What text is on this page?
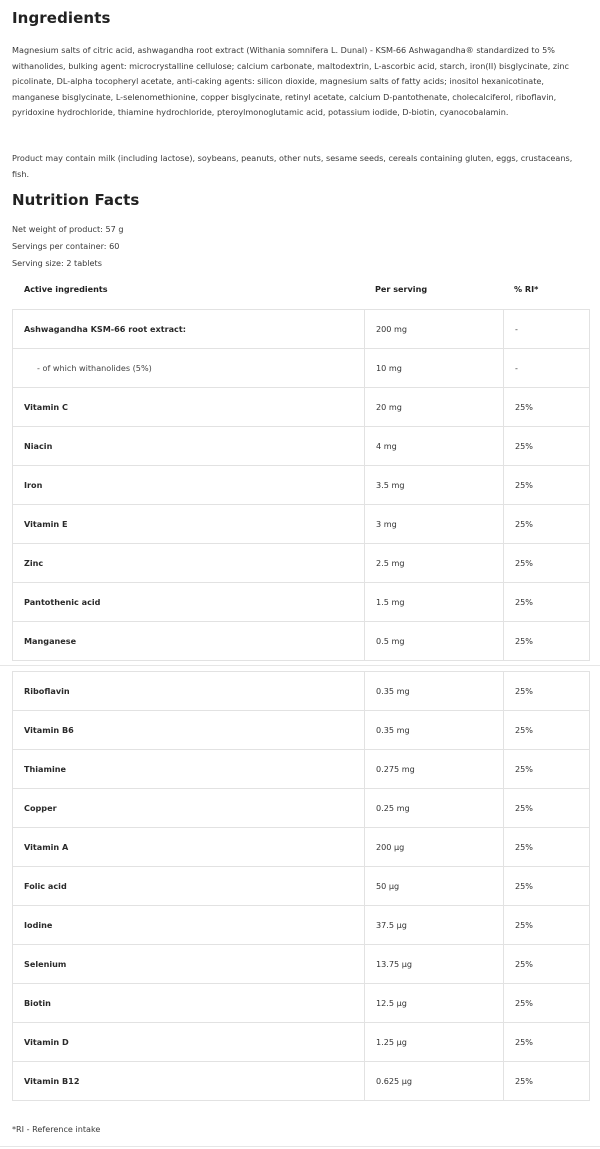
Ingredients
Magnesium salts of citric acid, ashwagandha root extract (Withania somnifera L. Dunal) - KSM-66 Ashwagandha® standardized to 5% withanolides, bulking agent: microcrystalline cellulose; calcium carbonate, maltodextrin, L-ascorbic acid, starch, iron(II) bisglycinate, zinc picolinate, DL-alpha tocopheryl acetate, anti-caking agents: silicon dioxide, magnesium salts of fatty acids; inositol hexanicotinate, manganese bisglycinate, L-selenomethionine, copper bisglycinate, retinyl acetate, calcium D-pantothenate, cholecalciferol, riboflavin, pyridoxine hydrochloride, thiamine hydrochloride, pteroylmonoglutamic acid, potassium iodide, D-biotin, cyanocobalamin.
Product may contain milk (including lactose), soybeans, peanuts, other nuts, sesame seeds, cereals containing gluten, eggs, crustaceans, fish.
Nutrition Facts
Net weight of product: 57 g
Servings per container: 60
Serving size: 2 tablets
Active ingredients	Per serving	% RI*
Ashwagandha KSM-66 root extract:	200 mg	-
- of which withanolides (5%)	10 mg	-
Vitamin C	20 mg	25%
Niacin	4 mg	25%
Iron	3.5 mg	25%
Vitamin E	3 mg	25%
Zinc	2.5 mg	25%
Pantothenic acid	1.5 mg	25%
Manganese	0.5 mg	25%
Riboflavin	0.35 mg	25%
Vitamin B6	0.35 mg	25%
Thiamine	0.275 mg	25%
Copper	0.25 mg	25%
Vitamin A	200 µg	25%
Folic acid	50 µg	25%
Iodine	37.5 µg	25%
Selenium	13.75 µg	25%
Biotin	12.5 µg	25%
Vitamin D	1.25 µg	25%
Vitamin B12	0.625 µg	25%
*RI - Reference intake
